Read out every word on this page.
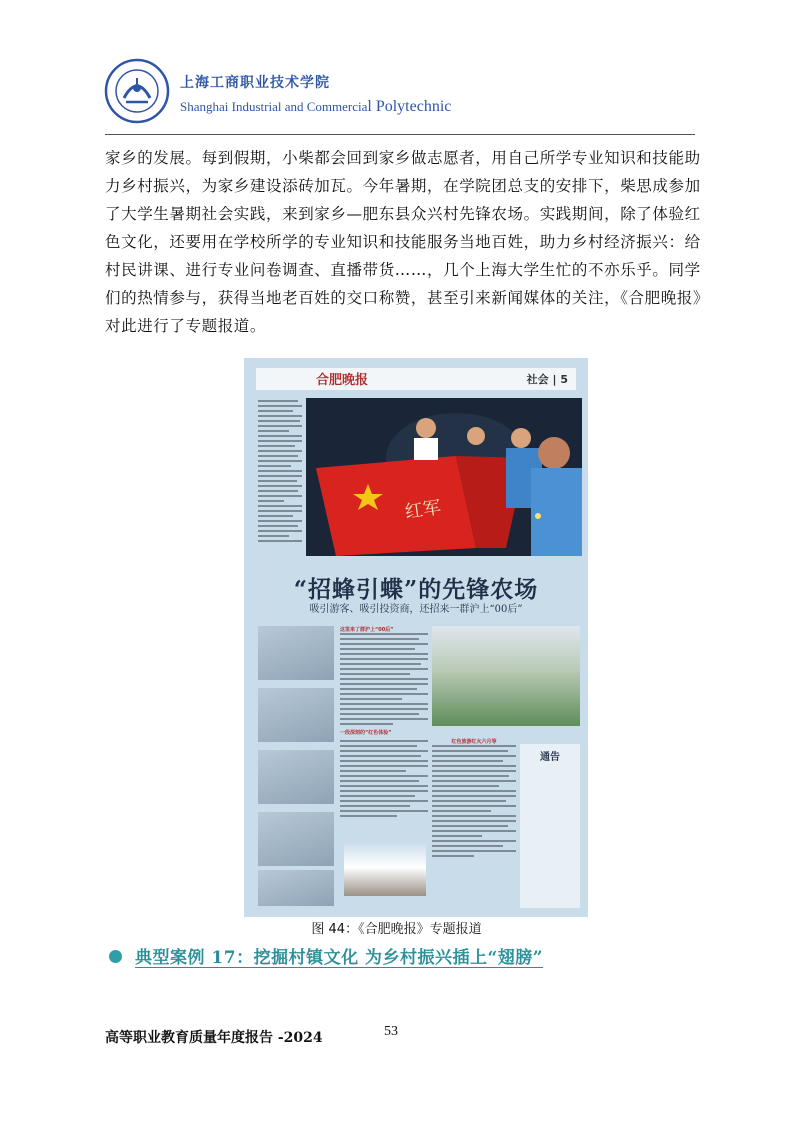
上海工商职业技术学院
Shanghai Industrial and Commercial Polytechnic
家乡的发展。每到假期，小柴都会回到家乡做志愿者，用自己所学专业知识和技能助
力乡村振兴，为家乡建设添砖加瓦。今年暑期，在学院团总支的安排下，柴思成参加
了大学生暑期社会实践，来到家乡—肥东县众兴村先锋农场。实践期间，除了体验红
色文化，还要用在学校所学的专业知识和技能服务当地百姓，助力乡村经济振兴：给
村民讲课、进行专业问卷调查、直播带货……，几个上海大学生忙的不亦乐乎。同学
们的热情参与，获得当地老百姓的交口称赞，甚至引来新闻媒体的关注，《合肥晚报》
对此进行了专题报道。
合肥晚报	社会 | 5
红军
“招蜂引蝶”的先锋农场
吸引游客、吸引投资商，还招来一群沪上“00后”
这里来了群沪上“00后”
一段深刻的“红色体验”
红色旅游红火六月等
通告
图 44：《合肥晚报》专题报道
典型案例 17：挖掘村镇文化 为乡村振兴插上“翅膀”
高等职业教育质量年度报告 -2024	53
